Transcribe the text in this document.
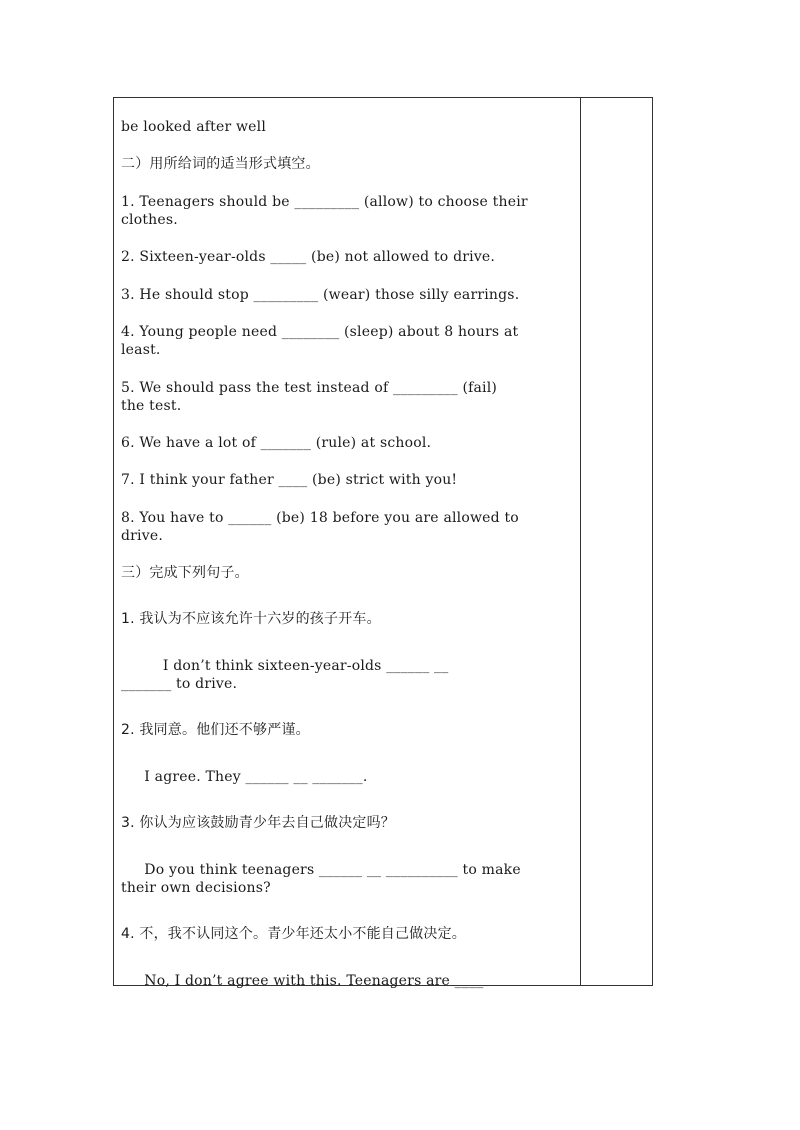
be looked after well
二）用所给词的适当形式填空。
1. Teenagers should be _________ (allow) to choose their
clothes.
2. Sixteen-year-olds _____ (be) not allowed to drive.
3. He should stop _________ (wear) those silly earrings.
4. Young people need ________ (sleep) about 8 hours at
least.
5. We should pass the test instead of _________ (fail)
the test.
6. We have a lot of _______ (rule) at school.
7. I think your father ____ (be) strict with you!
8. You have to ______ (be) 18 before you are allowed to
drive.
三）完成下列句子。
1. 我认为不应该允许十六岁的孩子开车。
I don’t think sixteen-year-olds ______ __
_______ to drive.
2. 我同意。他们还不够严谨。
I agree. They ______ __ _______.
3. 你认为应该鼓励青少年去自己做决定吗？
Do you think teenagers ______ __ __________ to make
their own decisions?
4. 不，我不认同这个。青少年还太小不能自己做决定。
No, I don’t agree with this. Teenagers are ____
